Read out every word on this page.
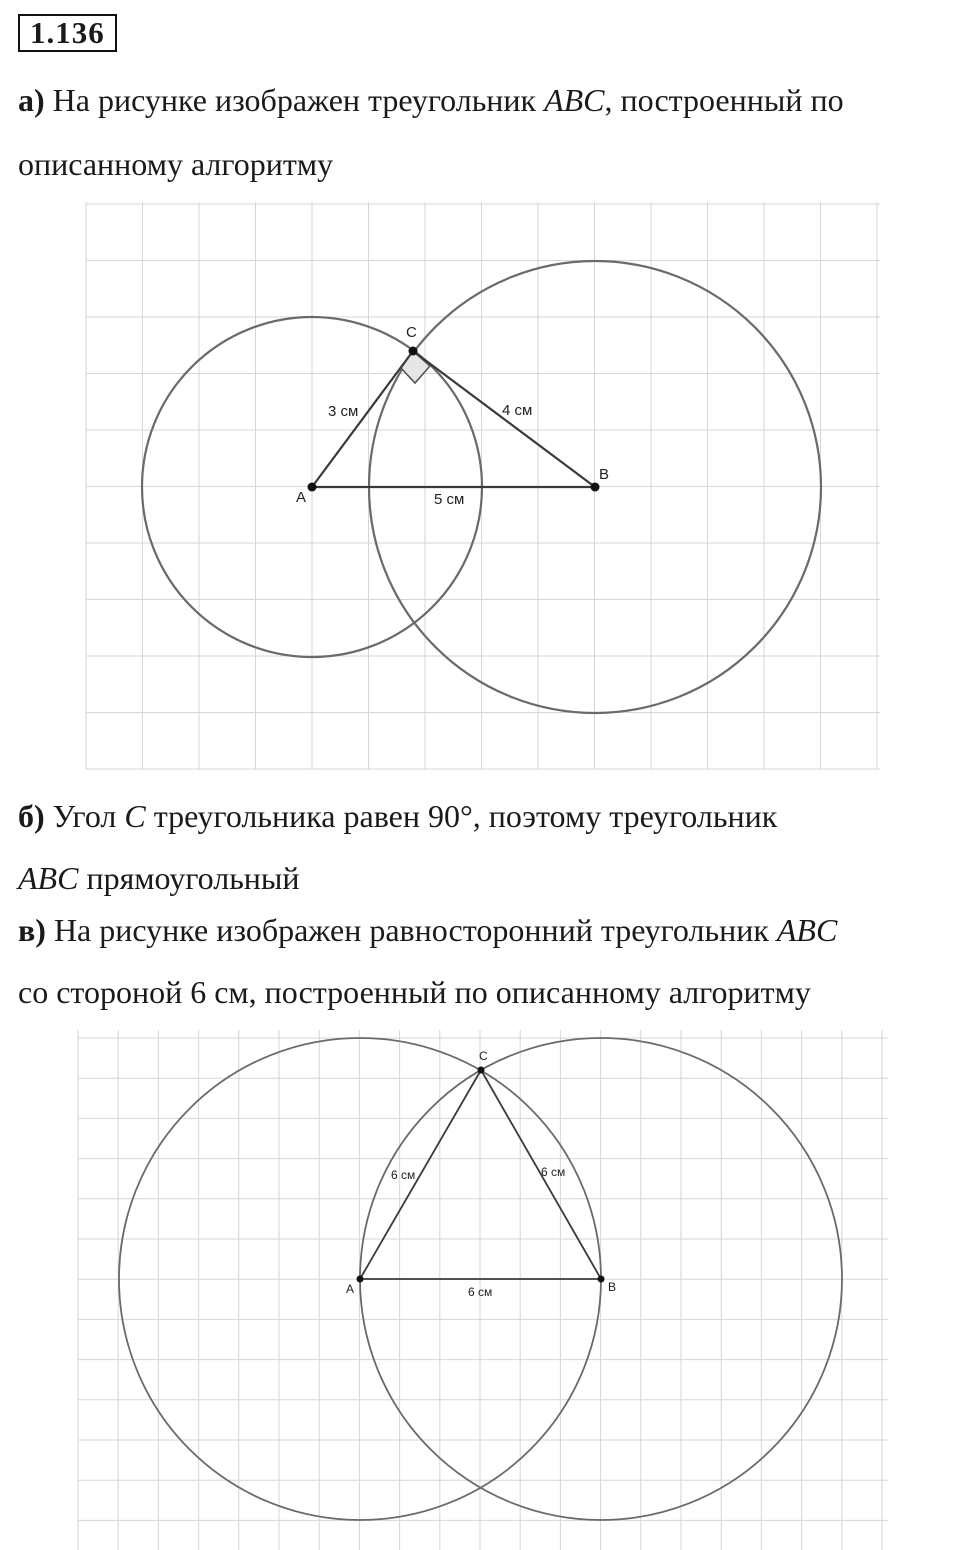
1.136
а) На рисунке изображен треугольник ABC, построенный по
описанному алгоритму
A
B
C
3 см	4 см
5 см
б) Угол C треугольника равен 90°, поэтому треугольник
ABC прямоугольный
в) На рисунке изображен равносторонний треугольник ABC
со стороной 6 см, построенный по описанному алгоритму
A	B
C
6 см	6 см
6 см
